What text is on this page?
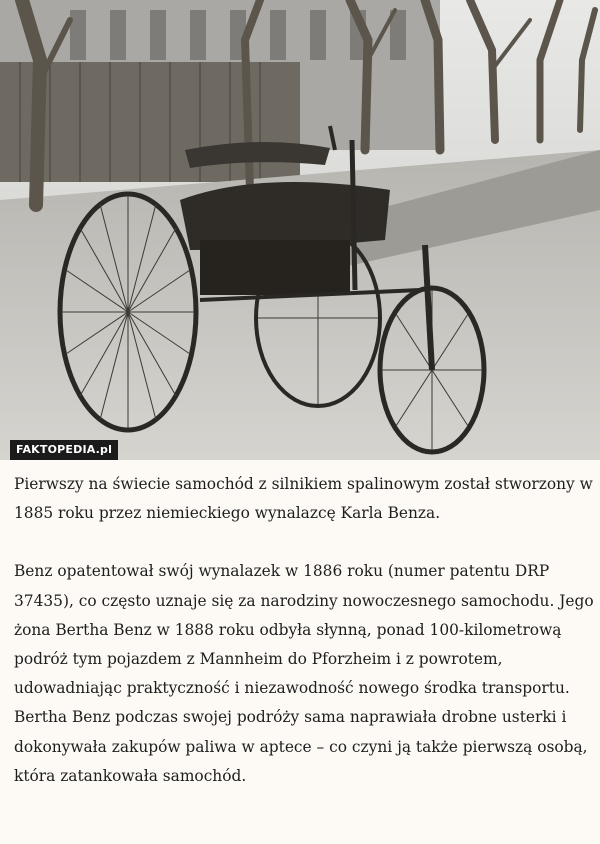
FAKTOPEDIA.pl

Pierwszy na świecie samochód z silnikiem spalinowym został stworzony w 1885 roku przez niemieckiego wynalazcę Karla Benza.

Benz opatentował swój wynalazek w 1886 roku (numer patentu DRP 37435), co często uznaje się za narodziny nowoczesnego samochodu. Jego żona Bertha Benz w 1888 roku odbyła słynną, ponad 100-kilometrową podróż tym pojazdem z Mannheim do Pforzheim i z powrotem, udowadniając praktyczność i niezawodność nowego środka transportu.

Bertha Benz podczas swojej podróży sama naprawiała drobne usterki i dokonywała zakupów paliwa w aptece – co czyni ją także pierwszą osobą, która zatankowała samochód.
